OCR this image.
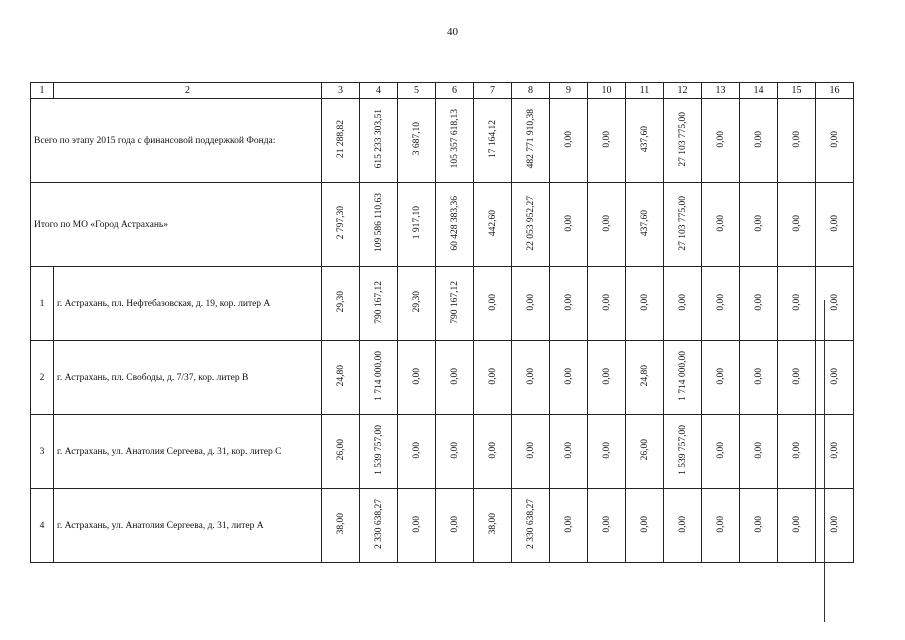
40
1	2	3	4	5	6	7	8	9	10	11	12	13	14	15	16
Всего по этапу 2015 года с финансовой поддержкой Фонда:		21 288,82	615 233 303,51	3 687,10	105 357 618,13	17 164,12	482 771 910,38	0,00	0,00	437,60	27 103 775,00	0,00	0,00	0,00	0,00
Итого по МО «Город Астрахань»		2 797,30	109 586 110,63	1 917,10	60 428 383,36	442,60	22 053 952,27	0,00	0,00	437,60	27 103 775,00	0,00	0,00	0,00	0,00
1	г. Астрахань, пл. Нефтебазовская, д. 19, кор. литер А	29,30	790 167,12	29,30	790 167,12	0,00	0,00	0,00	0,00	0,00	0,00	0,00	0,00	0,00	0,00
2	г. Астрахань, пл. Свободы, д. 7/37, кор. литер В	24,80	1 714 000,00	0,00	0,00	0,00	0,00	0,00	0,00	24,80	1 714 000,00	0,00	0,00	0,00	0,00
3	г. Астрахань, ул. Анатолия Сергеева, д. 31, кор. литер С	26,00	1 539 757,00	0,00	0,00	0,00	0,00	0,00	0,00	26,00	1 539 757,00	0,00	0,00	0,00	0,00
4	г. Астрахань, ул. Анатолия Сергеева, д. 31, литер А	38,00	2 330 638,27	0,00	0,00	38,00	2 330 638,27	0,00	0,00	0,00	0,00	0,00	0,00	0,00	0,00
